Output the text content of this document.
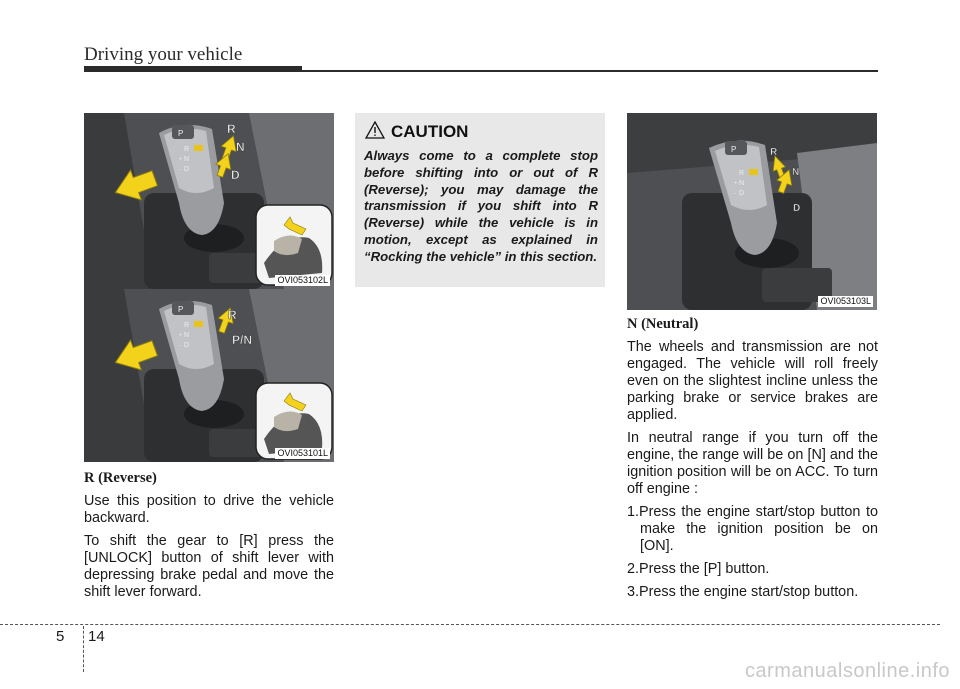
Driving your vehicle
P
R
N
D
+
-
R
N
D
OVI053102L
P
R
N
D
+
-
R
P/N
OVI053101L
CAUTION
Always come to a complete stop before shifting into or out of R (Reverse); you may damage the transmission if you shift into R (Reverse) while the vehicle is in motion, except as explained in “Rocking the vehicle” in this section.
P
R
N
D
+
-
R
N
D
OVI053103L
R (Reverse)

Use this position to drive the vehicle backward.

To shift the gear to [R] press the [UNLOCK] button of shift lever with depressing brake pedal and move the shift lever forward.

N (Neutral)

The wheels and transmission are not engaged. The vehicle will roll freely even on the slightest incline unless the parking brake or service brakes are applied.

In neutral range if you turn off the engine, the range will be on [N] and the ignition position will be on ACC. To turn off engine :

1.Press the engine start/stop button to make the ignition position be on [ON].
2.Press the [P] button.
3.Press the engine start/stop button.
5 14
carmanualsonline.info
